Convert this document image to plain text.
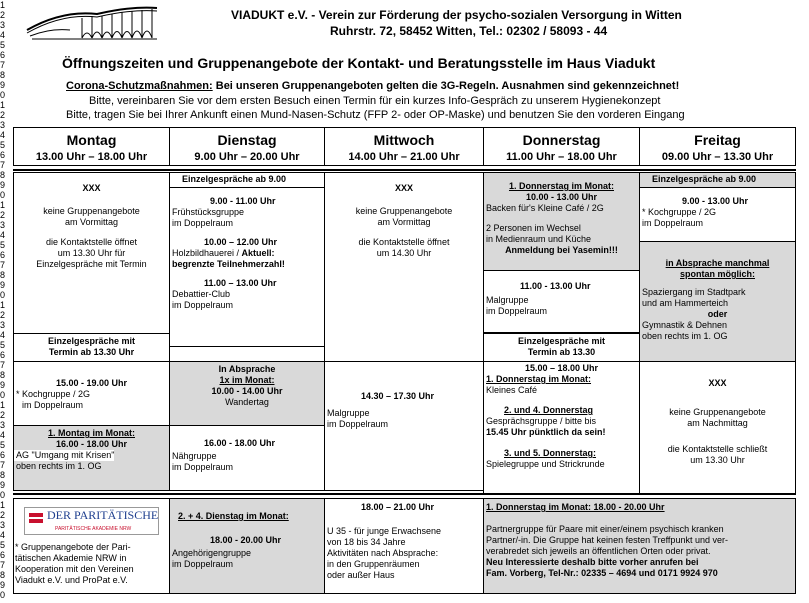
1
2
3
4
5
6
7
8
9
0
1
2
3
4
5
6
7
8
9
0
1
2
3
4
5
6
7
8
9
0
1
2
3
4
5
6
7
8
9
0
1
2
3
4
5
6
7
8
9
0
1
2
3
4
5
6
7
8
9
0
VIADUKT e.V. - Verein zur Förderung der psycho-sozialen Versorgung in Witten
Ruhrstr. 72, 58452 Witten, Tel.: 02302 / 58093 - 44
Öffnungszeiten und Gruppenangebote der Kontakt- und Beratungsstelle im Haus Viadukt
Corona-Schutzmaßnahmen: Bei unseren Gruppenangeboten gelten die 3G-Regeln. Ausnahmen sind gekennzeichnet!
Bitte, vereinbaren Sie vor dem ersten Besuch einen Termin für ein kurzes Info-Gespräch zu unserem Hygienekonzept
Bitte, tragen Sie bei Ihrer Ankunft einen Mund-Nasen-Schutz (FFP 2- oder OP-Maske) und benutzen Sie den vorderen Eingang
Montag
13.00 Uhr – 18.00 Uhr
Dienstag
9.00 Uhr – 20.00 Uhr
Mittwoch
14.00 Uhr – 21.00 Uhr
Donnerstag
11.00 Uhr – 18.00 Uhr
Freitag
09.00 Uhr – 13.30 Uhr
XXX
keine Gruppenangebote
am Vormittag
die Kontaktstelle öffnet
um 13.30 Uhr für
Einzelgespräche mit Termin
Einzelgespräche mit
Termin ab 13.30 Uhr
15.00 - 19.00 Uhr
* Kochgruppe / 2G
im Doppelraum
1. Montag im Monat:
16.00 - 18.00 Uhr
AG "Umgang mit Krisen"
oben rechts im 1. OG
DER PARITÄTISCHE
PARITÄTISCHE AKADEMIE NRW
* Gruppenangebote der Pari-
tätischen Akademie NRW in
Kooperation mit den Vereinen
Viadukt e.V. und ProPat e.V.
Einzelgespräche ab 9.00
9.00 - 11.00 Uhr
Frühstücksgruppe
im Doppelraum
10.00 – 12.00 Uhr
Holzbildhauerei / Aktuell:
begrenzte Teilnehmerzahl!
11.00 – 13.00 Uhr
Debattier-Club
im Doppelraum
In Absprache
1x im Monat:
10.00 - 14.00 Uhr
Wandertag
16.00 - 18.00 Uhr
Nähgruppe
im Doppelraum
2. + 4. Dienstag im Monat:
18.00 - 20.00 Uhr
Angehörigengruppe
im Doppelraum
XXX
keine Gruppenangebote
am Vormittag
die Kontaktstelle öffnet
um 14.30 Uhr
14.30 – 17.30 Uhr
Malgruppe
im Doppelraum
18.00 – 21.00 Uhr
U 35 - für junge Erwachsene
von 18 bis 34 Jahre
Aktivitäten nach Absprache:
in den Gruppenräumen
oder außer Haus
1. Donnerstag im Monat:
10.00 - 13.00 Uhr
Backen für's Kleine Café / 2G
2 Personen im Wechsel
in Medienraum und Küche
Anmeldung bei Yasemin!!!
11.00 - 13.00 Uhr
Malgruppe
im Doppelraum
Einzelgespräche mit
Termin ab 13.30
15.00 – 18.00 Uhr
1. Donnerstag im Monat:
Kleines Café
2. und 4. Donnerstag
Gesprächsgruppe / bitte bis
15.45 Uhr pünktlich da sein!
3. und 5. Donnerstag:
Spielegruppe und Strickrunde
Einzelgespräche ab 9.00
9.00 - 13.00 Uhr
* Kochgruppe / 2G
im Doppelraum
in Absprache manchmal
spontan möglich:
Spaziergang im Stadtpark
und am Hammerteich
oder
Gymnastik & Dehnen
oben rechts im 1. OG
XXX
keine Gruppenangebote
am Nachmittag
die Kontaktstelle schließt
um 13.30 Uhr
1. Donnerstag im Monat: 18.00 - 20.00 Uhr
Partnergruppe für Paare mit einer/einem psychisch kranken
Partner/-in. Die Gruppe hat keinen festen Treffpunkt und ver-
verabredet sich jeweils an öffentlichen Orten oder privat.
Neu Interessierte deshalb bitte vorher anrufen bei
Fam. Vorberg, Tel-Nr.: 02335 – 4694 und 0171 9924 970
